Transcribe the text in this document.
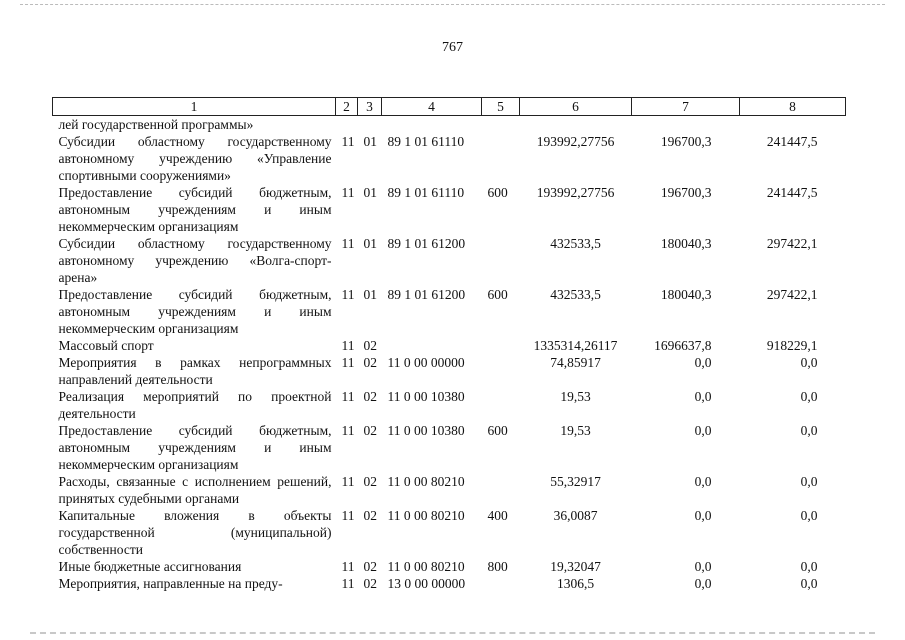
767
1	2	3	4	5	6	7	8
лей государственной программы»							
Субсидии областному государственному автономному учреждению «Управление спортивными сооружениями»	11	01	89 1 01 61110		193992,27756	196700,3	241447,5
Предоставление субсидий бюджетным, автономным учреждениям и иным некоммерческим организациям	11	01	89 1 01 61110	600	193992,27756	196700,3	241447,5
Субсидии областному государственному автономному учреждению «Волга-спорт-арена»	11	01	89 1 01 61200		432533,5	180040,3	297422,1
Предоставление субсидий бюджетным, автономным учреждениям и иным некоммерческим организациям	11	01	89 1 01 61200	600	432533,5	180040,3	297422,1
Массовый спорт	11	02			1335314,26117	1696637,8	918229,1
Мероприятия в рамках непрограммных направлений деятельности	11	02	11 0 00 00000		74,85917	0,0	0,0
Реализация мероприятий по проектной деятельности	11	02	11 0 00 10380		19,53	0,0	0,0
Предоставление субсидий бюджетным, автономным учреждениям и иным некоммерческим организациям	11	02	11 0 00 10380	600	19,53	0,0	0,0
Расходы, связанные с исполнением решений, принятых судебными органами	11	02	11 0 00 80210		55,32917	0,0	0,0
Капитальные вложения в объекты государственной (муниципальной) собственности	11	02	11 0 00 80210	400	36,0087	0,0	0,0
Иные бюджетные ассигнования	11	02	11 0 00 80210	800	19,32047	0,0	0,0
Мероприятия, направленные на преду-	11	02	13 0 00 00000		1306,5	0,0	0,0
